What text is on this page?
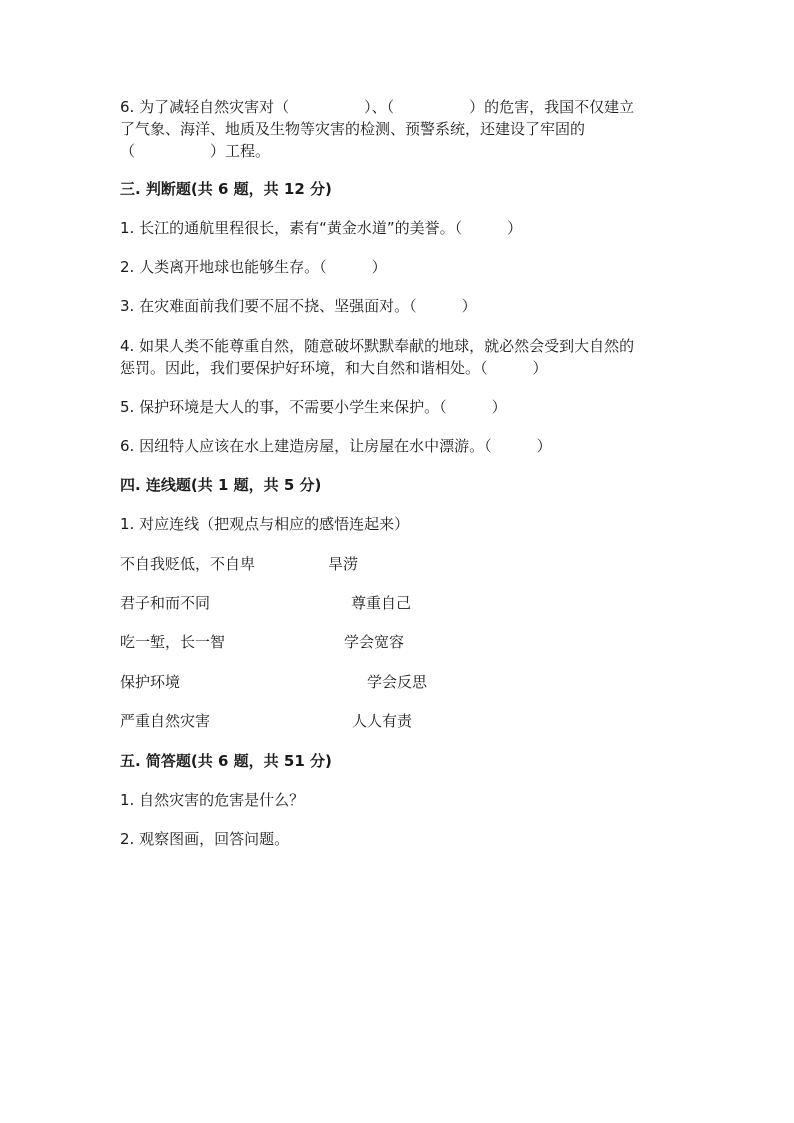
6. 为了减轻自然灾害对（　　　　　）、（　　　　　）的危害，我国不仅建立
了气象、海洋、地质及生物等灾害的检测、预警系统，还建设了牢固的
（　　　　　）工程。
三. 判断题(共 6 题，共 12 分)
1. 长江的通航里程很长，素有“黄金水道”的美誉。（　　　）
2. 人类离开地球也能够生存。（　　　）
3. 在灾难面前我们要不屈不挠、坚强面对。（　　　）
4. 如果人类不能尊重自然，随意破坏默默奉献的地球，就必然会受到大自然的
惩罚。因此，我们要保护好环境，和大自然和谐相处。（　　　）
5. 保护环境是大人的事，不需要小学生来保护。（　　　）
6. 因纽特人应该在水上建造房屋，让房屋在水中漂游。（　　　）
四. 连线题(共 1 题，共 5 分)
1. 对应连线（把观点与相应的感悟连起来）
不自我贬低，不自卑	旱涝
君子和而不同	尊重自己
吃一堑，长一智	学会宽容
保护环境	学会反思
严重自然灾害	人人有责
五. 简答题(共 6 题，共 51 分)
1. 自然灾害的危害是什么？
2. 观察图画，回答问题。
